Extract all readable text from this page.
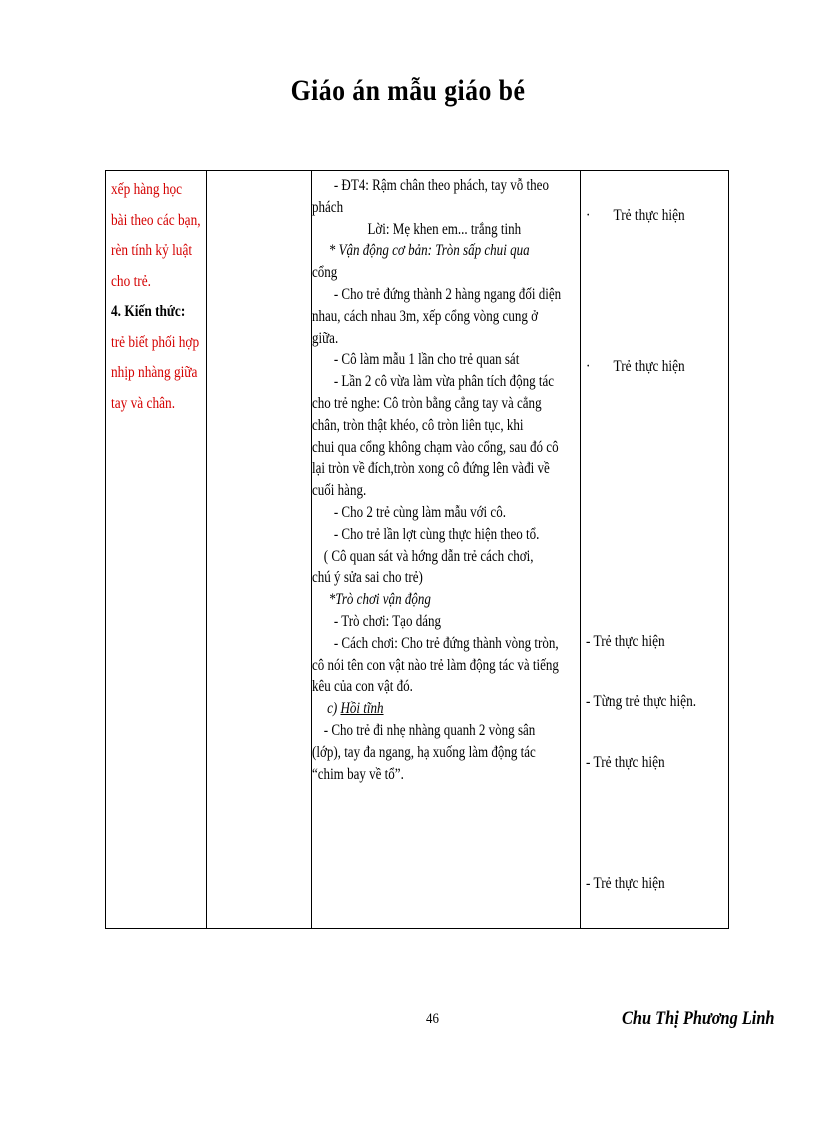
Giáo án mẫu giáo bé
xếp hàng học
bài theo các bạn,
rèn tính kỷ luật
cho trẻ.
4. Kiến thức:
trẻ biết phối hợp
nhịp nhàng giữa
tay và chân.
- ĐT4: Rậm chân theo phách, tay vỗ theo
phách
Lời: Mẹ khen em... trắng tinh
* Vận động cơ bản: Tròn sấp chui qua
cổng
- Cho trẻ đứng thành 2 hàng ngang đối diện
nhau, cách nhau 3m, xếp cổng vòng cung ở
giữa.
- Cô làm mẫu 1 lần cho trẻ quan sát
- Lần 2 cô vừa làm vừa phân tích động tác
cho trẻ nghe: Cô tròn bằng cẳng tay và cẳng
chân, tròn thật khéo, cô tròn liên tục, khi
chui qua cổng không chạm vào cổng, sau đó cô
lại tròn về đích,tròn xong cô đứng lên vàđi về
cuối hàng.
- Cho 2 trẻ cùng làm mẫu với cô.
- Cho trẻ lần lợt cùng thực hiện theo tổ.
( Cô quan sát và hớng dẫn trẻ cách chơi,
chú ý sửa sai cho trẻ)
*Trò chơi vận động
- Trò chơi: Tạo dáng
- Cách chơi: Cho trẻ đứng thành vòng tròn,
cô nói tên con vật nào trẻ làm động tác và tiếng
kêu của con vật đó.
c) Hồi tĩnh
- Cho trẻ đi nhẹ nhàng quanh 2 vòng sân
(lớp), tay đa ngang, hạ xuống làm động tác
“chim bay về tổ”.
· Trẻ thực hiện
· Trẻ thực hiện
- Trẻ thực hiện
- Từng trẻ thực hiện.
- Trẻ thực hiện
- Trẻ thực hiện
46	Chu Thị Phương Linh
